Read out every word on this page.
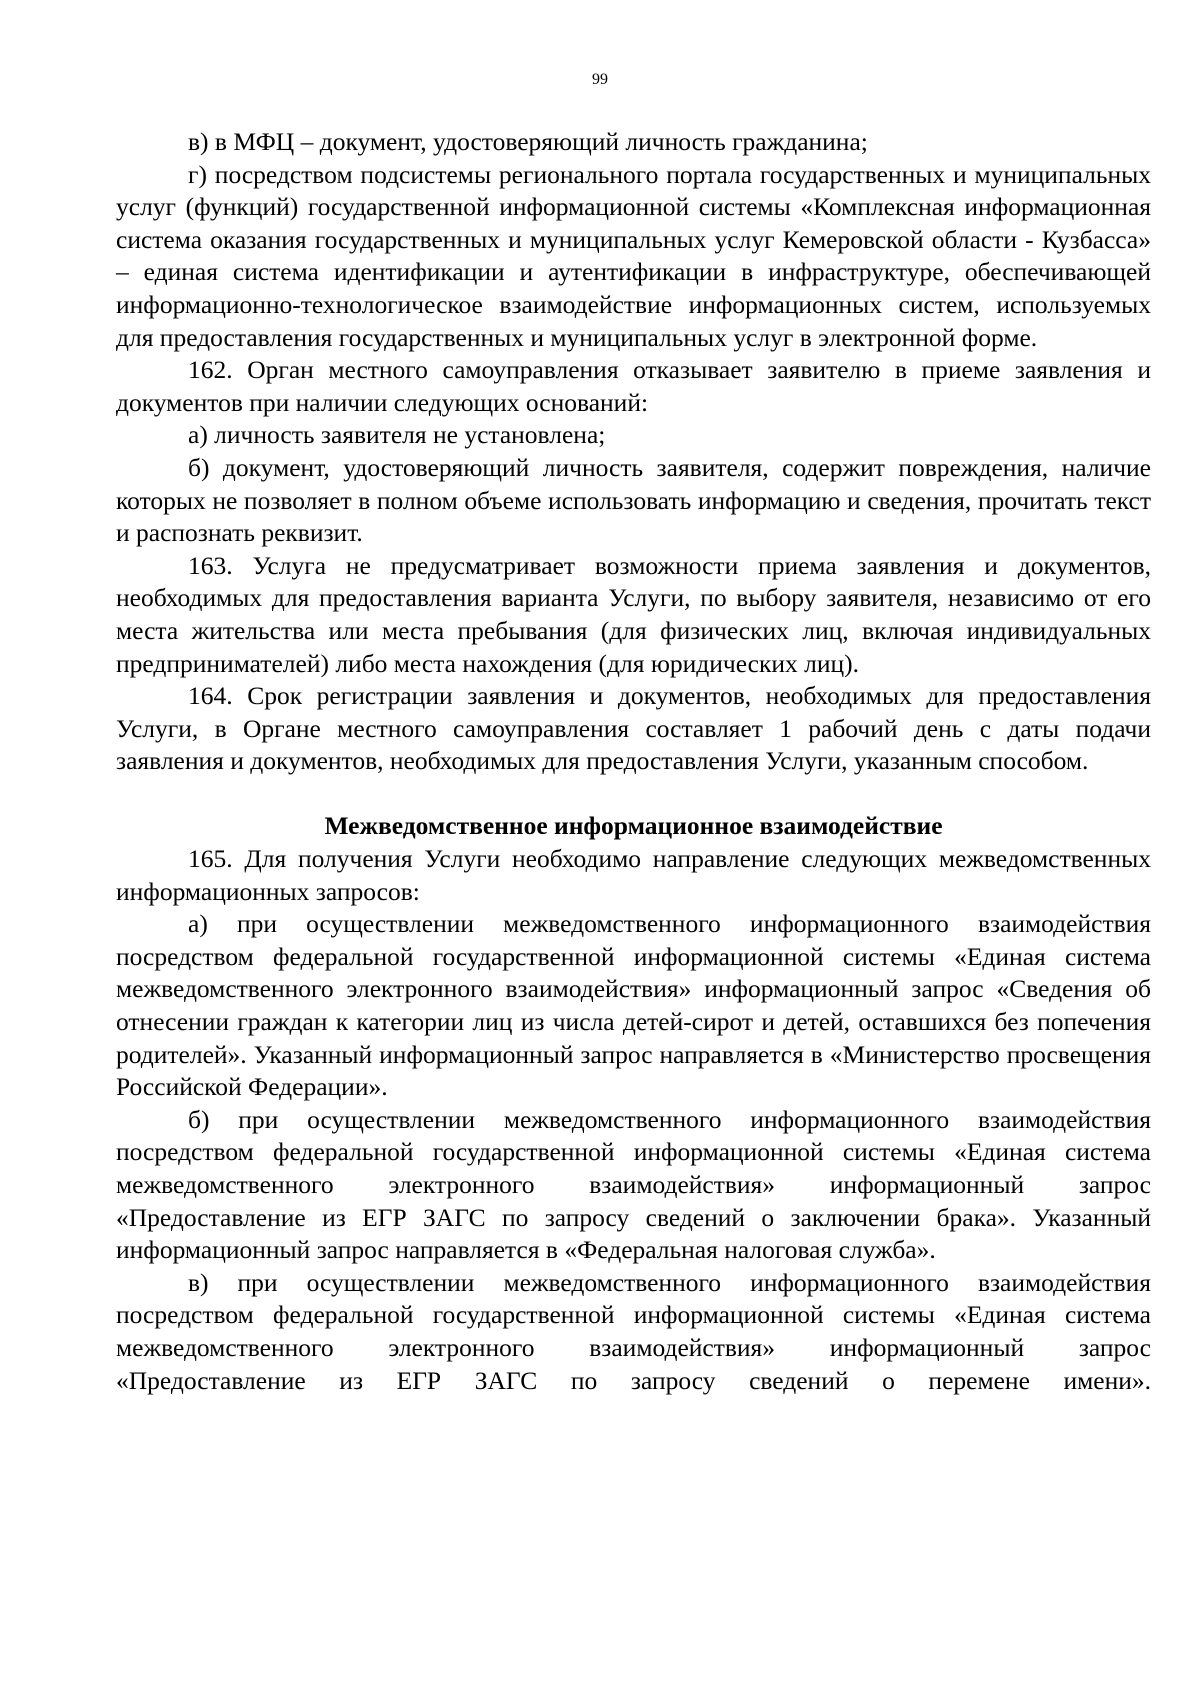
99

в) в МФЦ – документ, удостоверяющий личность гражданина;

г) посредством подсистемы регионального портала государственных и муниципальных услуг (функций) государственной информационной системы «Комплексная информационная система оказания государственных и муниципальных услуг Кемеровской области - Кузбасса» – единая система идентификации и аутентификации в инфраструктуре, обеспечивающей информационно-технологическое взаимодействие информационных систем, используемых для предоставления государственных и муниципальных услуг в электронной форме.

162. Орган местного самоуправления отказывает заявителю в приеме заявления и документов при наличии следующих оснований:

а) личность заявителя не установлена;

б) документ, удостоверяющий личность заявителя, содержит повреждения, наличие которых не позволяет в полном объеме использовать информацию и сведения, прочитать текст и распознать реквизит.

163. Услуга не предусматривает возможности приема заявления и документов, необходимых для предоставления варианта Услуги, по выбору заявителя, независимо от его места жительства или места пребывания (для физических лиц, включая индивидуальных предпринимателей) либо места нахождения (для юридических лиц).

164. Срок регистрации заявления и документов, необходимых для предоставления Услуги, в Органе местного самоуправления составляет 1 рабочий день с даты подачи заявления и документов, необходимых для предоставления Услуги, указанным способом.

Межведомственное информационное взаимодействие

165. Для получения Услуги необходимо направление следующих межведомственных информационных запросов:

а) при осуществлении межведомственного информационного взаимодействия посредством федеральной государственной информационной системы «Единая система межведомственного электронного взаимодействия» информационный запрос «Сведения об отнесении граждан к категории лиц из числа детей-сирот и детей, оставшихся без попечения родителей». Указанный информационный запрос направляется в «Министерство просвещения Российской Федерации».

б) при осуществлении межведомственного информационного взаимодействия посредством федеральной государственной информационной системы «Единая система межведомственного электронного взаимодействия» информационный запрос «Предоставление из ЕГР ЗАГС по запросу сведений о заключении брака». Указанный информационный запрос направляется в «Федеральная налоговая служба».

в) при осуществлении межведомственного информационного взаимодействия посредством федеральной государственной информационной системы «Единая система межведомственного электронного взаимодействия» информационный запрос «Предоставление из ЕГР ЗАГС по запросу сведений о перемене имени».
